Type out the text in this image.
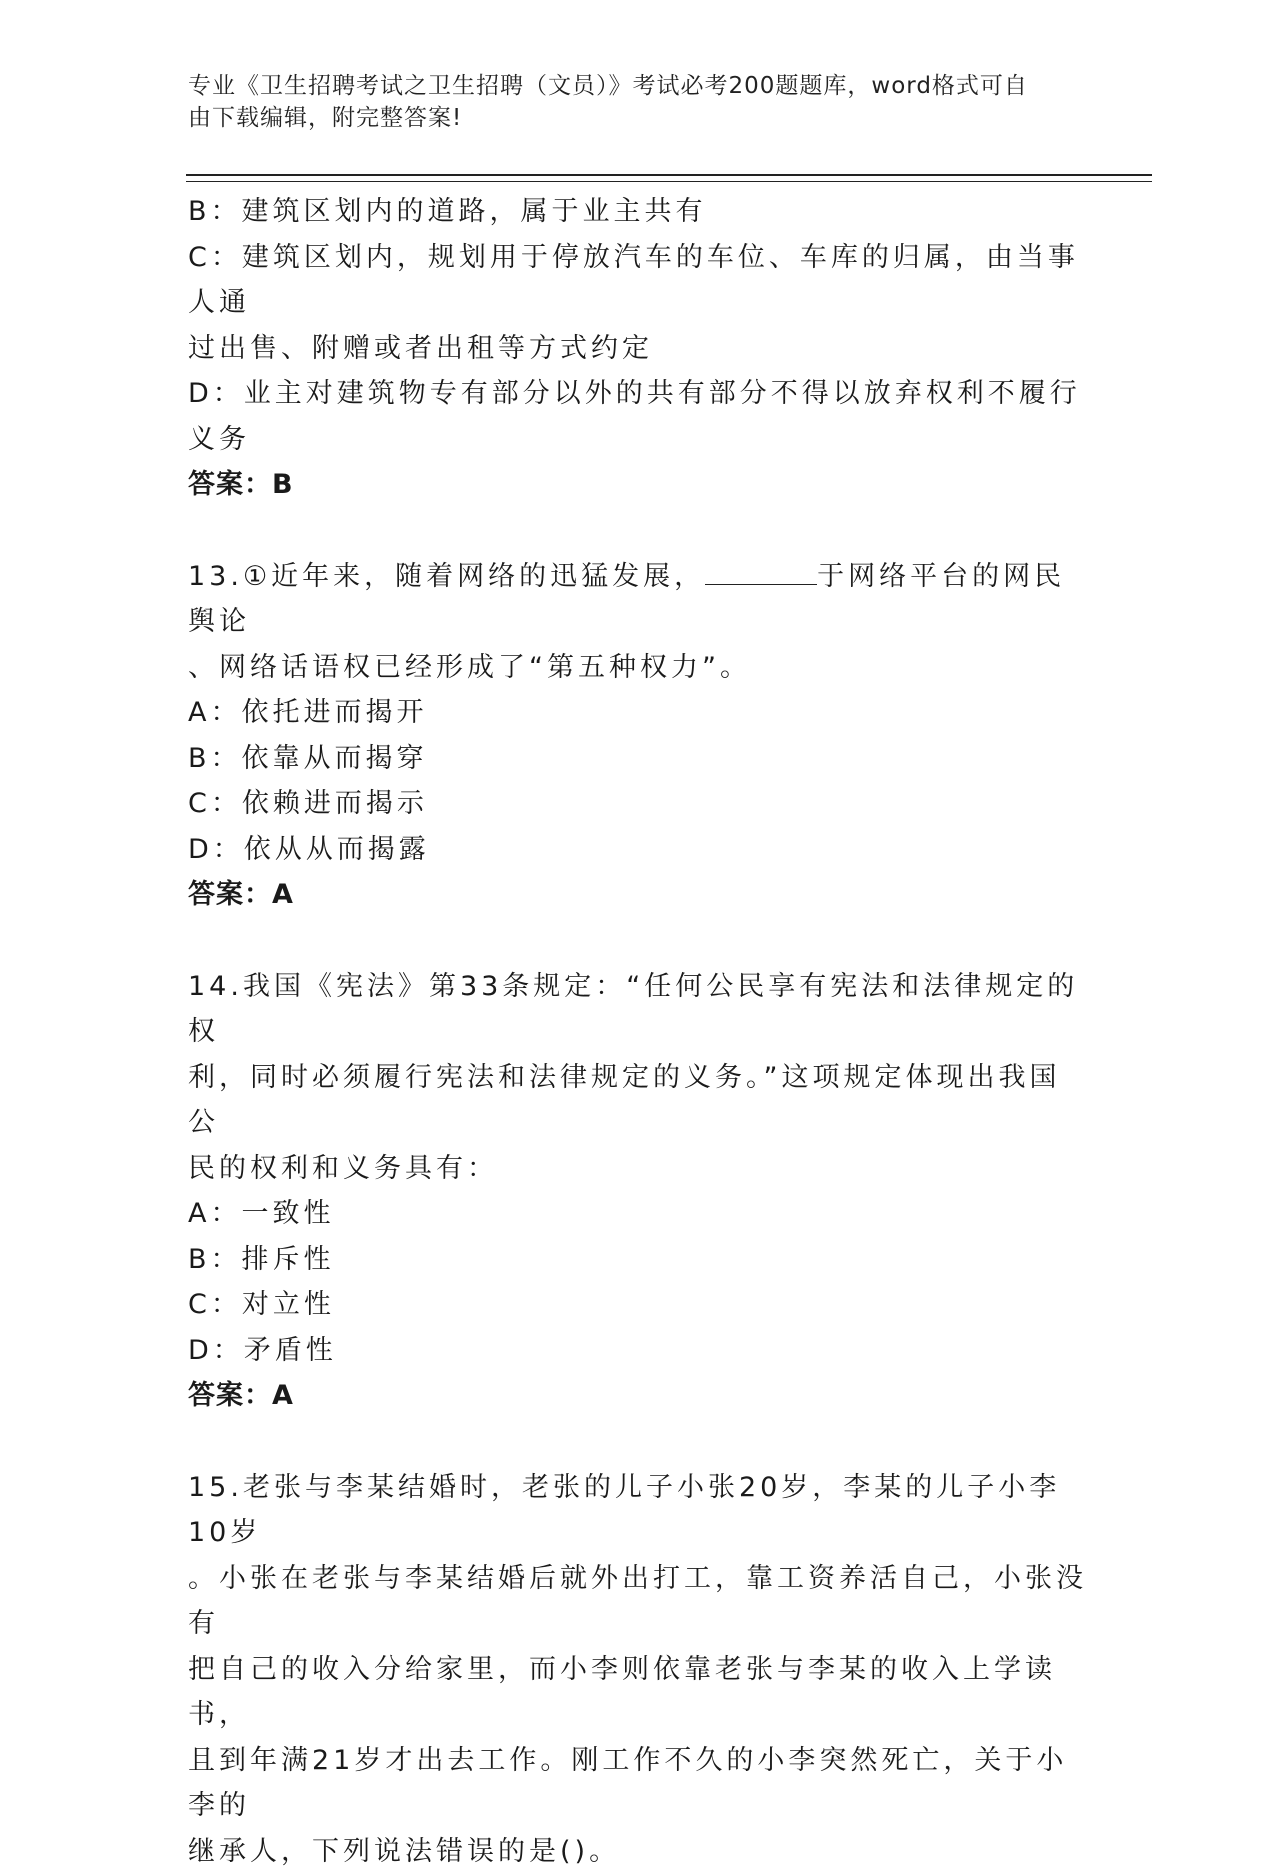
专业《卫生招聘考试之卫生招聘（文员）》考试必考200题题库，word格式可自
由下载编辑，附完整答案!

B：建筑区划内的道路，属于业主共有

C：建筑区划内，规划用于停放汽车的车位、车库的归属，由当事人通

过出售、附赠或者出租等方式约定

D：业主对建筑物专有部分以外的共有部分不得以放弃权利不履行义务

答案：B

13.①近年来，随着网络的迅猛发展，	于网络平台的网民舆论

、网络话语权已经形成了“第五种权力”。

A：依托进而揭开

B：依靠从而揭穿

C：依赖进而揭示

D：依从从而揭露

答案：A

14.我国《宪法》第33条规定：“任何公民享有宪法和法律规定的权

利，同时必须履行宪法和法律规定的义务。”这项规定体现出我国公

民的权利和义务具有：

A：一致性

B：排斥性

C：对立性

D：矛盾性

答案：A

15.老张与李某结婚时，老张的儿子小张20岁，李某的儿子小李10岁

。小张在老张与李某结婚后就外出打工，靠工资养活自己，小张没有

把自己的收入分给家里，而小李则依靠老张与李某的收入上学读书，

且到年满21岁才出去工作。刚工作不久的小李突然死亡，关于小李的

继承人，下列说法错误的是()。
